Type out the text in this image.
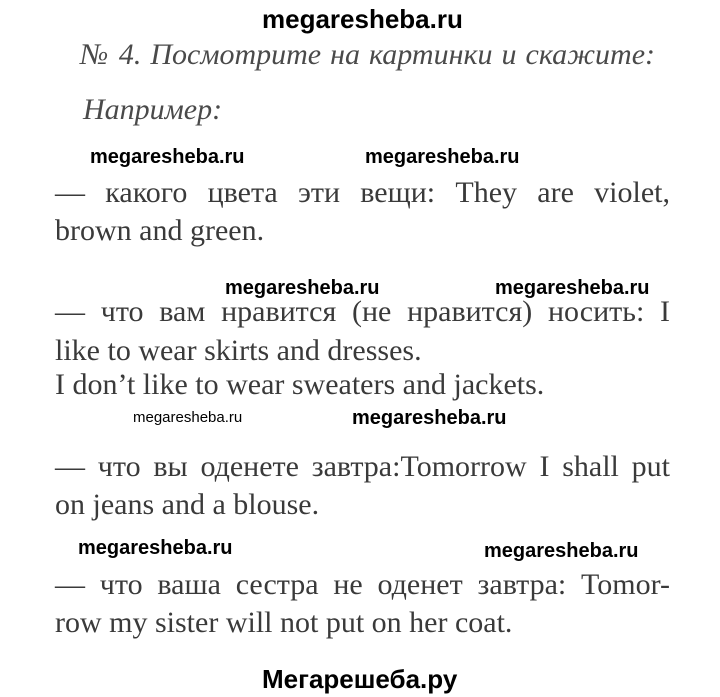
megaresheba.ru
№ 4. Посмотрите на картинки и скажите:
Например:
megaresheba.ru	megaresheba.ru
— какого цвета эти вещи: They are violet,
brown and green.
megaresheba.ru	megaresheba.ru
— что вам нравится (не нравится) носить: I
like to wear skirts and dresses.
I don’t like to wear sweaters and jackets.
megaresheba.ru	megaresheba.ru
— что вы оденете завтра:Tomorrow I shall put
on jeans and a blouse.
megaresheba.ru	megaresheba.ru
— что ваша сестра не оденет завтра: Tomor-
row my sister will not put on her coat.
Мегарешеба.ру
